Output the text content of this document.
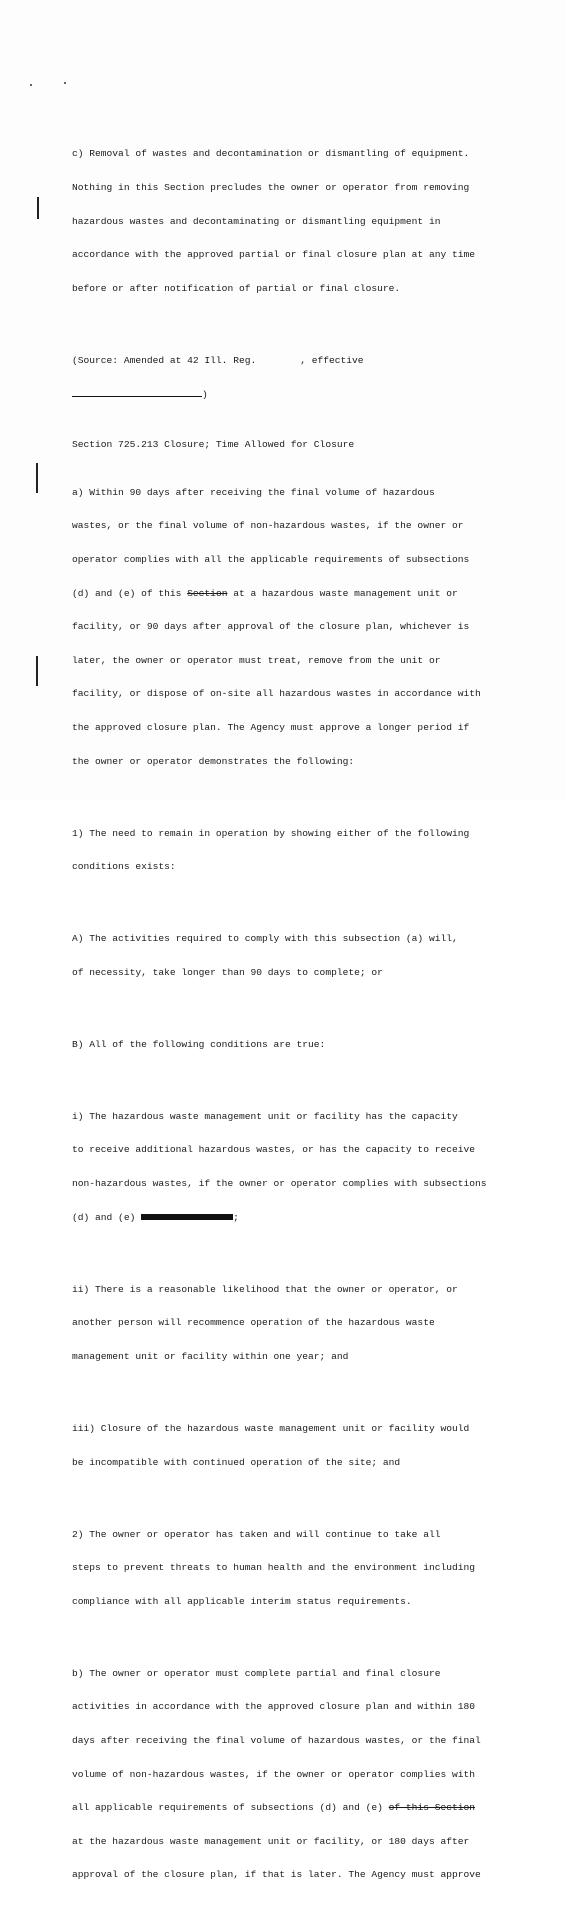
c) Removal of wastes and decontamination or dismantling of equipment.

Nothing in this Section precludes the owner or operator from removing

hazardous wastes and decontaminating or dismantling equipment in

accordance with the approved partial or final closure plan at any time

before or after notification of partial or final closure.

(Source: Amended at 42 Ill. Reg.	, effective

)

Section 725.213 Closure; Time Allowed for Closure

a) Within 90 days after receiving the final volume of hazardous

wastes, or the final volume of non-hazardous wastes, if the owner or

operator complies with all the applicable requirements of subsections

(d) and (e) of this Section at a hazardous waste management unit or

facility, or 90 days after approval of the closure plan, whichever is

later, the owner or operator must treat, remove from the unit or

facility, or dispose of on-site all hazardous wastes in accordance with

the approved closure plan. The Agency must approve a longer period if

the owner or operator demonstrates the following:

1) The need to remain in operation by showing either of the following

conditions exists:

A) The activities required to comply with this subsection (a) will,

of necessity, take longer than 90 days to complete; or

B) All of the following conditions are true:

i) The hazardous waste management unit or facility has the capacity

to receive additional hazardous wastes, or has the capacity to receive

non-hazardous wastes, if the owner or operator complies with subsections

(d) and (e)	;

ii) There is a reasonable likelihood that the owner or operator, or

another person will recommence operation of the hazardous waste

management unit or facility within one year; and

iii) Closure of the hazardous waste management unit or facility would

be incompatible with continued operation of the site; and

2) The owner or operator has taken and will continue to take all

steps to prevent threats to human health and the environment including

compliance with all applicable interim status requirements.

b) The owner or operator must complete partial and final closure

activities in accordance with the approved closure plan and within 180

days after receiving the final volume of hazardous wastes, or the final

volume of non-hazardous wastes, if the owner or operator complies with

all applicable requirements of subsections (d) and (e) of this Section

at the hazardous waste management unit or facility, or 180 days after

approval of the closure plan, if that is later. The Agency must approve
